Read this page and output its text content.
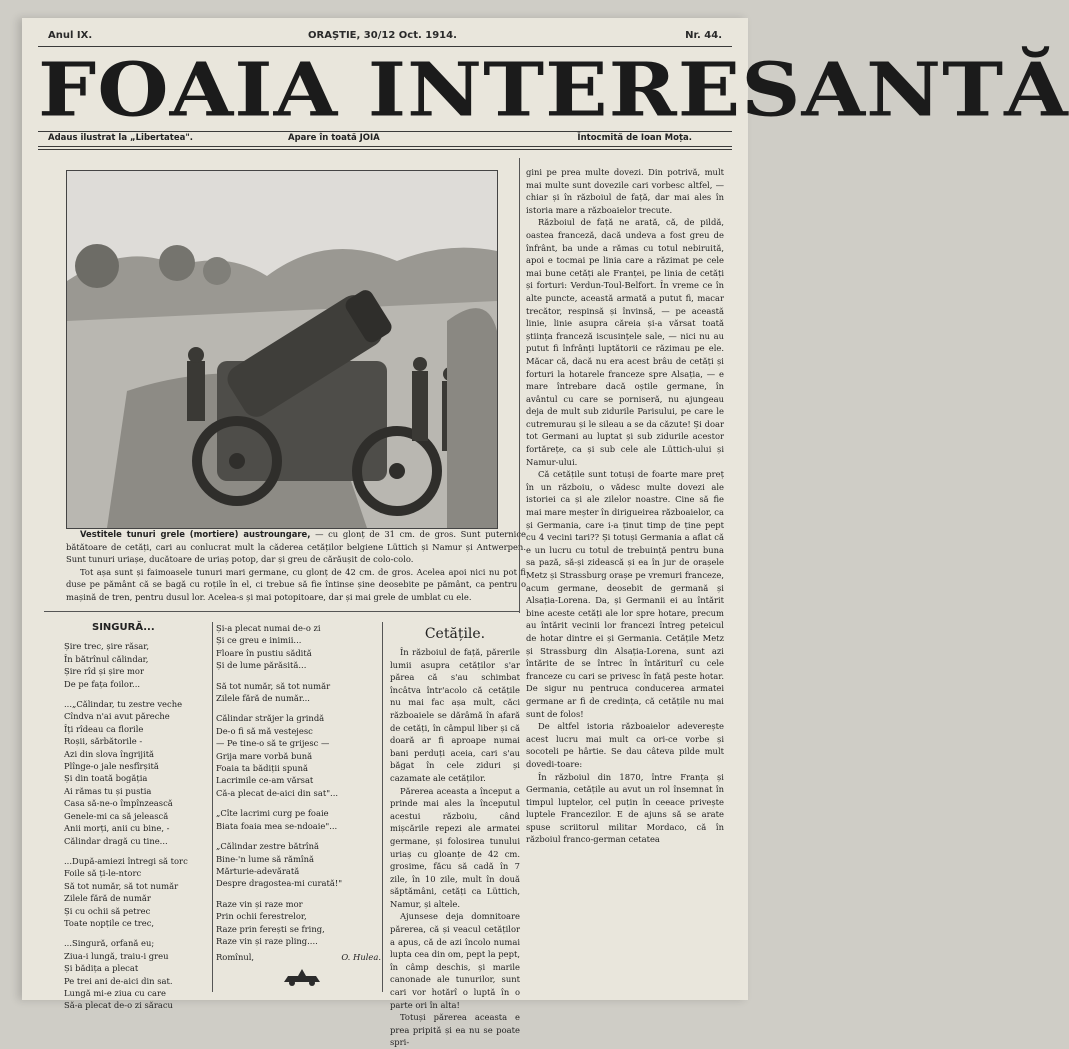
Anul IX.	ORAȘTIE, 30/12 Oct. 1914.	Nr. 44.
FOAIA INTERESANTĂ
Adaus ilustrat la „Libertatea".	Apare în toată JOIA	Întocmită de Ioan Moța.

Vestitele tunuri grele (mortiere) austroungare, — cu glonț de 31 cm. de gros. Sunt puternice bătătoare de cetăți, cari au conlucrat mult la căderea cetăților belgiene Lüttich și Namur și Antwerpen. Sunt tunuri uriașe, ducătoare de uriaș potop, dar și greu de cărăușit de colo-colo.

Tot așa sunt și faimoasele tunuri mari germane, cu glonț de 42 cm. de gros. Acelea apoi nici nu pot fi duse pe pământ că se bagă cu roțile în el, ci trebue să fie întinse șine deosebite pe pământ, ca pentru o mașină de tren, pentru dusul lor. Acelea-s și mai potopitoare, dar și mai grele de umblat cu ele.

gini pe prea multe dovezi. Din potrivă, mult mai multe sunt dovezile cari vorbesc altfel, — chiar și în războiul de față, dar mai ales în istoria mare a războaielor trecute.

Războiul de față ne arată, că, de pildă, oastea franceză, dacă undeva a fost greu de înfrânt, ba unde a rămas cu totul nebiruită, apoi e tocmai pe linia care a răzimat pe cele mai bune cetăți ale Franței, pe linia de cetăți și forturi: Verdun-Toul-Belfort. În vreme ce în alte puncte, această armată a putut fi, macar trecător, respinsă și învinsă, — pe această linie, linie asupra căreia și-a vărsat toată știința franceză iscusințele sale, — nici nu au putut fi înfrânți luptătorii ce răzimau pe ele. Măcar că, dacă nu era acest brâu de cetăți și forturi la hotarele franceze spre Alsația, — e mare întrebare dacă oștile germane, în avântul cu care se porniseră, nu ajungeau deja de mult sub zidurile Parisului, pe care le cutremurau și le sileau a se da căzute! Și doar tot Germani au luptat și sub zidurile acestor fortărețe, ca și sub cele ale Lüttich-ului și Namur-ului.

Că cetățile sunt totuși de foarte mare preț în un războiu, o vădesc multe dovezi ale istoriei ca și ale zilelor noastre. Cine să fie mai mare meșter în dirigueirea războaielor, ca și Germania, care i-a ținut timp de ține pept cu 4 vecini tari?? Și totuși Germania a aflat că e un lucru cu totul de trebuință pentru buna sa pază, să-și zidească și ea în jur de orașele Metz și Strassburg orașe pe vremuri franceze, acum germane, deosebit de germană și Alsația-Lorena. Da, și Germanii ei au întărit bine aceste cetăți ale lor spre hotare, precum au întărit vecinii lor francezi întreg peteicul de hotar dintre ei și Germania. Cetățile Metz și Strassburg din Alsația-Lorena, sunt azi întărite de se întrec în întăriturî cu cele franceze cu cari se privesc în față peste hotar. De sigur nu pentruca conducerea armatei germane ar fi de credința, că cetățile nu mai sunt de folos!

De altfel istoria războaielor adeverește acest lucru mai mult ca ori-ce vorbe și socoteli pe hârtie. Se dau câteva pilde mult dovedi-toare:

În războiul din 1870, între Franța și Germania, cetățile au avut un rol însemnat în timpul luptelor, cel puțin în ceeace privește luptele Francezilor. E de ajuns să se arate spuse scriitorul militar Mordaco, că în războiul franco-german cetatea

SINGURĂ...
Șire trec, șire răsar,
În bătrînul călindar,
Șire rîd și șire mor
De pe fața foilor...
...„Călindar, tu zestre veche
Cîndva n'ai avut păreche
Îți rîdeau ca florile
Roșii, sărbătorile -
Azi din slova îngrijită
Plînge-o jale nesfîrșită
Și din toată bogăția
Ai rămas tu și pustia
Casa să-ne-o împînzească
Genele-mi ca să jelească
Anii morți, anii cu bine, -
Călindar dragă cu tine...
...După-amiezi întregi să torc
Foile să ți-le-ntorc
Să tot număr, să tot număr
Zilele fără de număr
Și cu ochii să petrec
Toate nopțile ce trec,
...Singură, orfană eu;
Ziua-i lungă, traiu-i greu
Și bădița a plecat
Pe trei ani de-aici din sat.
Lungă mi-e ziua cu care
Să-a plecat de-o zi săracu
Și-a plecat numai de-o zi
Și ce greu e inimii...
Floare în pustiu sădită
Și de lume părăsită...
Să tot număr, să tot număr
Zilele fără de număr...
Călindar străjer la grindă
De-o fi să mă vestejesc
— Pe tine-o să te grijesc —
Grija mare vorbă bună
Foaia ta bădiții spună
Lacrimile ce-am vărsat
Că-a plecat de-aici din sat"...
„Cîte lacrimi curg pe foaie
Biata foaia mea se-ndoaie"...
„Călindar zestre bătrînă
Bine-'n lume să rămînă
Mărturie-adevărată
Despre dragostea-mi curată!"
Raze vin și raze mor
Prin ochii ferestrelor,
Raze prin ferești se fring,
Raze vin și raze pling....
Romînul,	O. Hulea.
Cetățile.

În războiul de față, părerile lumii asupra cetăților s'ar părea că s'au schimbat încâtva într'acolo că cetățile nu mai fac așa mult, căci războaiele se dărâmă în afară de cetăți, în câmpul liber și că doară ar fi aproape numai bani perduți aceia, cari s'au băgat în cele ziduri și cazamate ale cetăților.

Părerea aceasta a început a prinde mai ales la începutul acestui războiu, când mișcările repezi ale armatei germane, și folosirea tunului uriaș cu gloanțe de 42 cm. grosime, făcu să cadă în 7 zile, în 10 zile, mult în două săptămâni, cetăți ca Lüttich, Namur, și altele.

Ajunsese deja domnitoare părerea, că și veacul cetăților a apus, că de azi încolo numai lupta cea din om, pept la pept, în câmp deschis, și marile canonade ale tunurilor, sunt cari vor hotărî o luptă în o parte ori în alta!

Totuși părerea aceasta e prea pripită și ea nu se poate spri-
